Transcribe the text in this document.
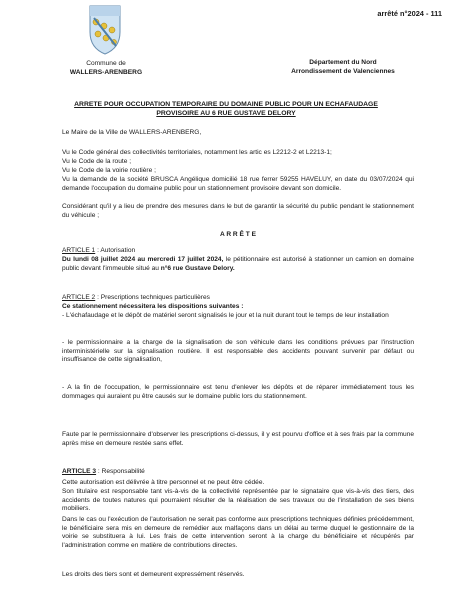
arrêté n°2024 - 111
Commune de
WALLERS-ARENBERG
Département du Nord
Arrondissement de Valenciennes
ARRETE POUR OCCUPATION TEMPORAIRE DU DOMAINE PUBLIC POUR UN ECHAFAUDAGE
PROVISOIRE AU 6 RUE GUSTAVE DELORY
Le Maire de la Ville de WALLERS-ARENBERG,
Vu le Code général des collectivités territoriales, notamment les artic es L2212-2 et L2213-1;
Vu le Code de la route ;
Vu le Code de la voirie routière ;
Vu la demande de la société BRUSCA Angélique domicilié 18 rue ferrer 59255 HAVELUY, en date du 03/07/2024 qui demande l'occupation du domaine public pour un stationnement provisoire devant son domicile.
Considérant qu'il y a lieu de prendre des mesures dans le but de garantir la sécurité du public pendant le stationnement du véhicule ;
A R R Ê T E
ARTICLE 1 : Autorisation
Du lundi 08 juillet 2024 au mercredi 17 juillet 2024, le pétitionnaire est autorisé à stationner un camion en domaine public devant l'immeuble situé au n°6 rue Gustave Delory.
ARTICLE 2 : Prescriptions techniques particulières
Ce stationnement nécessitera les dispositions suivantes :
- L'échafaudage et le dépôt de matériel seront signalisés le jour et la nuit durant tout le temps de leur installation
- le permissionnaire a la charge de la signalisation de son véhicule dans les conditions prévues par l'instruction interministérielle sur la signalisation routière. Il est responsable des accidents pouvant survenir par défaut ou insuffisance de cette signalisation,
- A la fin de l'occupation, le permissionnaire est tenu d'enlever les dépôts et de réparer immédiatement tous les dommages qui auraient pu être causés sur le domaine public lors du stationnement.
Faute par le permissionnaire d'observer les prescriptions ci-dessus, il y est pourvu d'office et à ses frais par la commune après mise en demeure restée sans effet.
ARTICLE 3 : Responsabilité
Cette autorisation est délivrée à titre personnel et ne peut être cédée.
Son titulaire est responsable tant vis-à-vis de la collectivité représentée par le signataire que vis-à-vis des tiers, des accidents de toutes natures qui pourraient résulter de la réalisation de ses travaux ou de l'installation de ses biens mobiliers.
Dans le cas ou l'exécution de l'autorisation ne serait pas conforme aux prescriptions techniques définies précédemment, le bénéficiaire sera mis en demeure de remédier aux malfaçons dans un délai au terme duquel le gestionnaire de la voirie se substituera à lui. Les frais de cette intervention seront à la charge du bénéficiaire et récupérés par l'administration comme en matière de contributions directes.
Les droits des tiers sont et demeurent expressément réservés.
